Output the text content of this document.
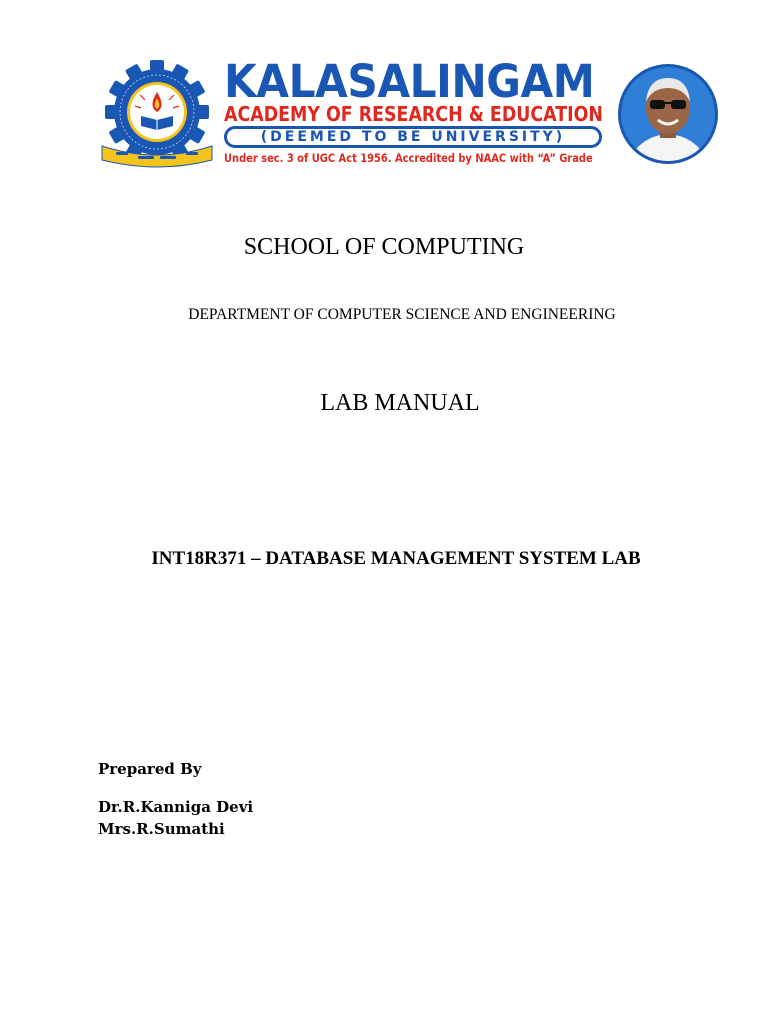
KALASALINGAM
ACADEMY OF RESEARCH & EDUCATION
(DEEMED TO BE UNIVERSITY)
Under sec. 3 of UGC Act 1956. Accredited by NAAC with “A” Grade
SCHOOL OF COMPUTING
DEPARTMENT OF COMPUTER SCIENCE AND ENGINEERING
LAB MANUAL
INT18R371 – DATABASE MANAGEMENT SYSTEM LAB
Prepared By
Dr.R.Kanniga Devi
Mrs.R.Sumathi
